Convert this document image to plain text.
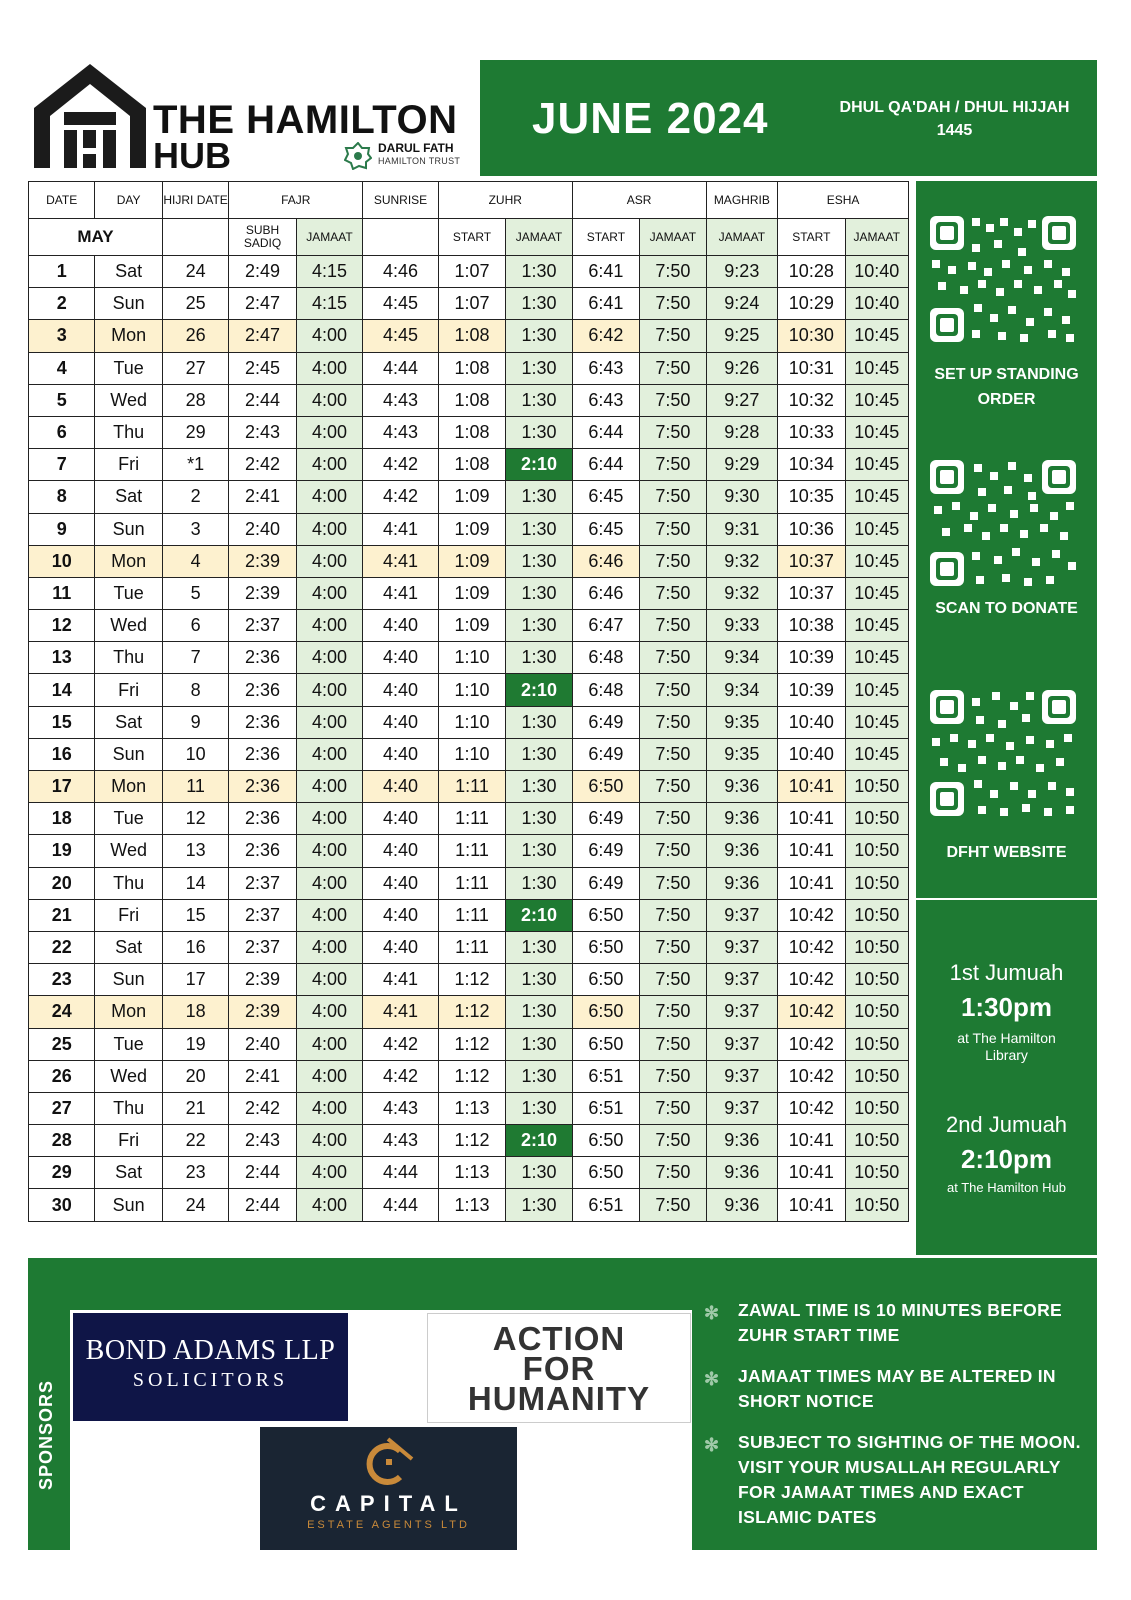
THE HAMILTON
HUB	DARUL FATH
HAMILTON TRUST
JUNE 2024	DHUL QA'DAH / DHUL HIJJAH
1445
DATE	DAY	HIJRI DATE	FAJR		SUNRISE	ZUHR		ASR		MAGHRIB	ESHA	
MAY			SUBH SADIQ	JAMAAT		START	JAMAAT	START	JAMAAT	JAMAAT	START	JAMAAT
1	Sat	24	2:49	4:15	4:46	1:07	1:30	6:41	7:50	9:23	10:28	10:40
2	Sun	25	2:47	4:15	4:45	1:07	1:30	6:41	7:50	9:24	10:29	10:40
3	Mon	26	2:47	4:00	4:45	1:08	1:30	6:42	7:50	9:25	10:30	10:45
4	Tue	27	2:45	4:00	4:44	1:08	1:30	6:43	7:50	9:26	10:31	10:45
5	Wed	28	2:44	4:00	4:43	1:08	1:30	6:43	7:50	9:27	10:32	10:45
6	Thu	29	2:43	4:00	4:43	1:08	1:30	6:44	7:50	9:28	10:33	10:45
7	Fri	*1	2:42	4:00	4:42	1:08	2:10	6:44	7:50	9:29	10:34	10:45
8	Sat	2	2:41	4:00	4:42	1:09	1:30	6:45	7:50	9:30	10:35	10:45
9	Sun	3	2:40	4:00	4:41	1:09	1:30	6:45	7:50	9:31	10:36	10:45
10	Mon	4	2:39	4:00	4:41	1:09	1:30	6:46	7:50	9:32	10:37	10:45
11	Tue	5	2:39	4:00	4:41	1:09	1:30	6:46	7:50	9:32	10:37	10:45
12	Wed	6	2:37	4:00	4:40	1:09	1:30	6:47	7:50	9:33	10:38	10:45
13	Thu	7	2:36	4:00	4:40	1:10	1:30	6:48	7:50	9:34	10:39	10:45
14	Fri	8	2:36	4:00	4:40	1:10	2:10	6:48	7:50	9:34	10:39	10:45
15	Sat	9	2:36	4:00	4:40	1:10	1:30	6:49	7:50	9:35	10:40	10:45
16	Sun	10	2:36	4:00	4:40	1:10	1:30	6:49	7:50	9:35	10:40	10:45
17	Mon	11	2:36	4:00	4:40	1:11	1:30	6:50	7:50	9:36	10:41	10:50
18	Tue	12	2:36	4:00	4:40	1:11	1:30	6:49	7:50	9:36	10:41	10:50
19	Wed	13	2:36	4:00	4:40	1:11	1:30	6:49	7:50	9:36	10:41	10:50
20	Thu	14	2:37	4:00	4:40	1:11	1:30	6:49	7:50	9:36	10:41	10:50
21	Fri	15	2:37	4:00	4:40	1:11	2:10	6:50	7:50	9:37	10:42	10:50
22	Sat	16	2:37	4:00	4:40	1:11	1:30	6:50	7:50	9:37	10:42	10:50
23	Sun	17	2:39	4:00	4:41	1:12	1:30	6:50	7:50	9:37	10:42	10:50
24	Mon	18	2:39	4:00	4:41	1:12	1:30	6:50	7:50	9:37	10:42	10:50
25	Tue	19	2:40	4:00	4:42	1:12	1:30	6:50	7:50	9:37	10:42	10:50
26	Wed	20	2:41	4:00	4:42	1:12	1:30	6:51	7:50	9:37	10:42	10:50
27	Thu	21	2:42	4:00	4:43	1:13	1:30	6:51	7:50	9:37	10:42	10:50
28	Fri	22	2:43	4:00	4:43	1:12	2:10	6:50	7:50	9:36	10:41	10:50
29	Sat	23	2:44	4:00	4:44	1:13	1:30	6:50	7:50	9:36	10:41	10:50
30	Sun	24	2:44	4:00	4:44	1:13	1:30	6:51	7:50	9:36	10:41	10:50
SET UP STANDING ORDER
SCAN TO DONATE
DFHT WEBSITE
1st Jumuah
1:30pm
at The Hamilton Library
2nd Jumuah
2:10pm
at The Hamilton Hub
SPONSORS
BOND ADAMS LLP
SOLICITORS
ACTION
FOR
HUMANITY
CAPITAL
ESTATE AGENTS LTD
✻ ZAWAL TIME IS 10 MINUTES BEFORE ZUHR START TIME
✻ JAMAAT TIMES MAY BE ALTERED IN SHORT NOTICE
✻ SUBJECT TO SIGHTING OF THE MOON. VISIT YOUR MUSALLAH REGULARLY FOR JAMAAT TIMES AND EXACT ISLAMIC DATES
